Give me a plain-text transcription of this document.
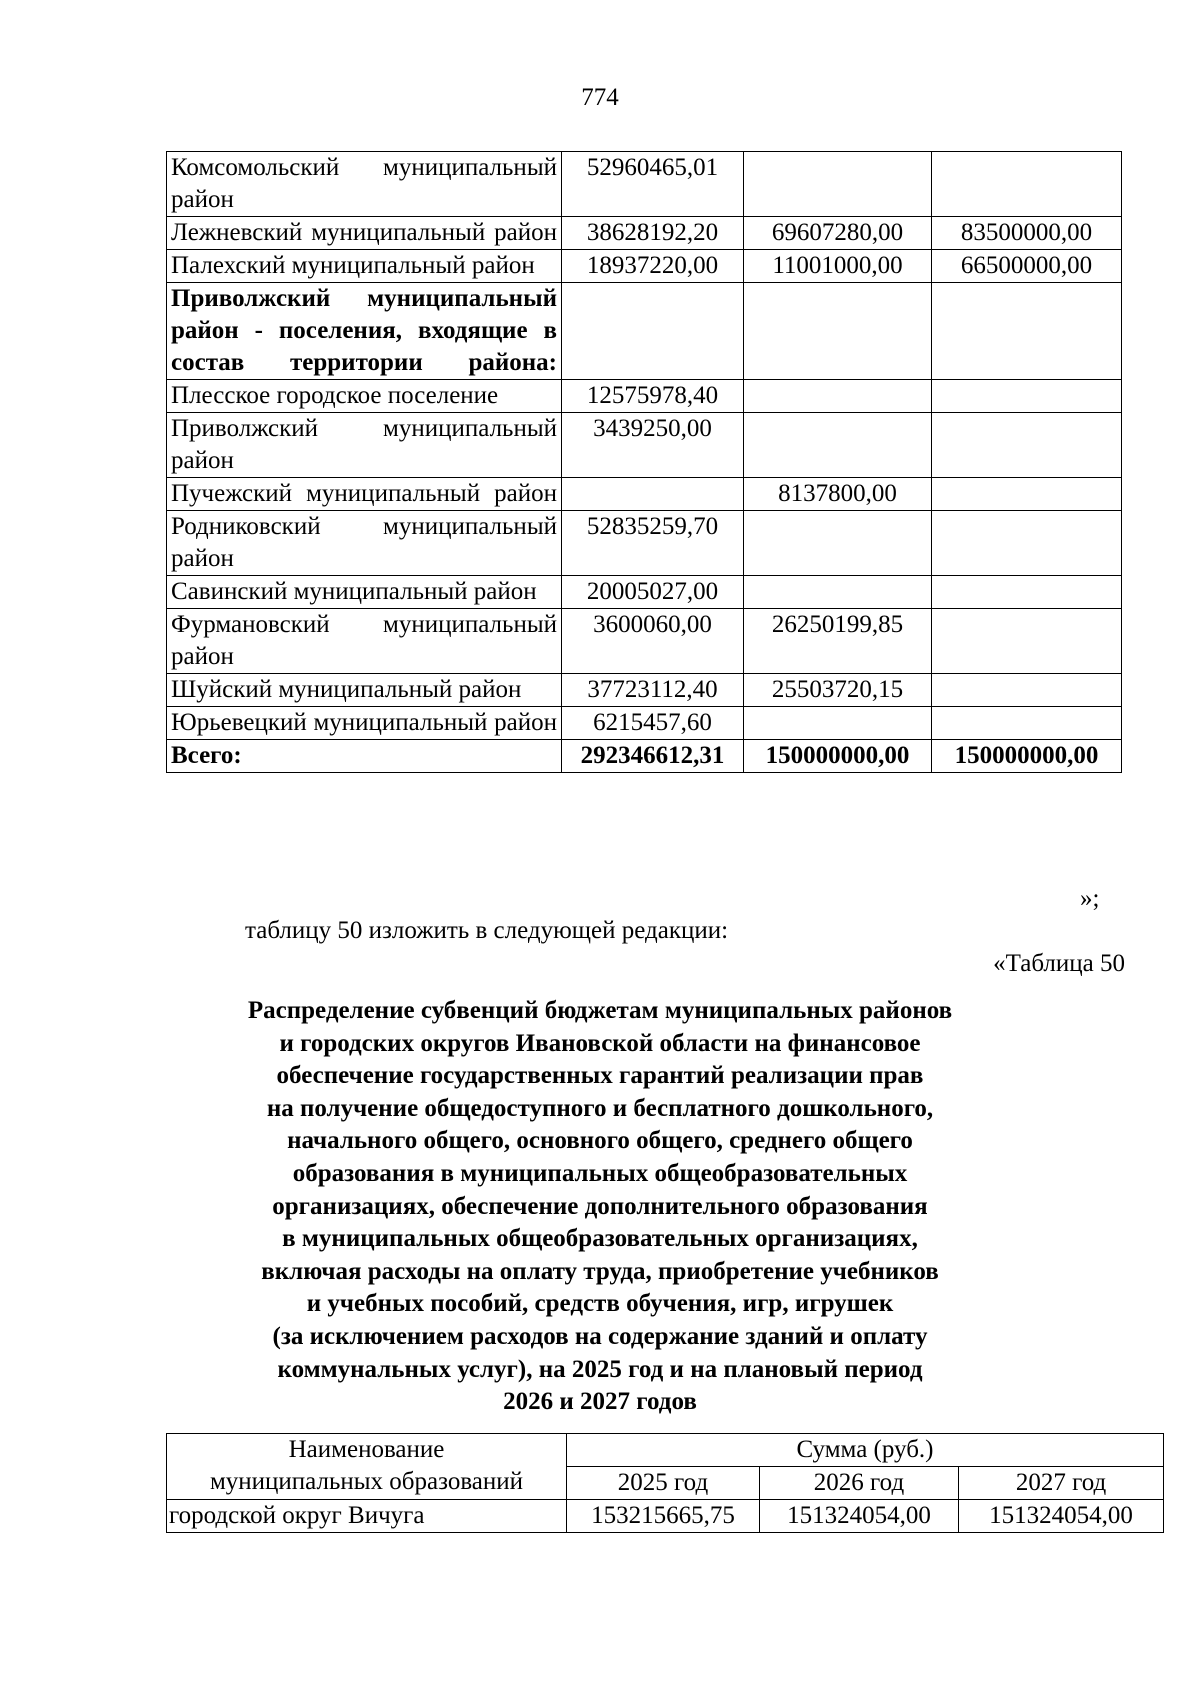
774
Комсомольский муниципальный район	52960465,01		
Лежневский муниципальный район	38628192,20	69607280,00	83500000,00
Палехский муниципальный район	18937220,00	11001000,00	66500000,00
Приволжский муниципальный район - поселения, входящие в состав территории района:			
Плесское городское поселение	12575978,40		
Приволжский муниципальный район	3439250,00		
Пучежский муниципальный район		8137800,00	
Родниковский муниципальный район	52835259,70		
Савинский муниципальный район	20005027,00		
Фурмановский муниципальный район	3600060,00	26250199,85	
Шуйский муниципальный район	37723112,40	25503720,15	
Юрьевецкий муниципальный район	6215457,60		
Всего:	292346612,31	150000000,00	150000000,00
»;
таблицу 50 изложить в следующей редакции:
«Таблица 50
Распределение субвенций бюджетам муниципальных районов
и городских округов Ивановской области на финансовое
обеспечение государственных гарантий реализации прав
на получение общедоступного и бесплатного дошкольного,
начального общего, основного общего, среднего общего
образования в муниципальных общеобразовательных
организациях, обеспечение дополнительного образования
в муниципальных общеобразовательных организациях,
включая расходы на оплату труда, приобретение учебников
и учебных пособий, средств обучения, игр, игрушек
(за исключением расходов на содержание зданий и оплату
коммунальных услуг), на 2025 год и на плановый период
2026 и 2027 годов
Наименование
муниципальных образований	Сумма (руб.)		
	2025 год	2026 год	2027 год
городской округ Вичуга	153215665,75	151324054,00	151324054,00
